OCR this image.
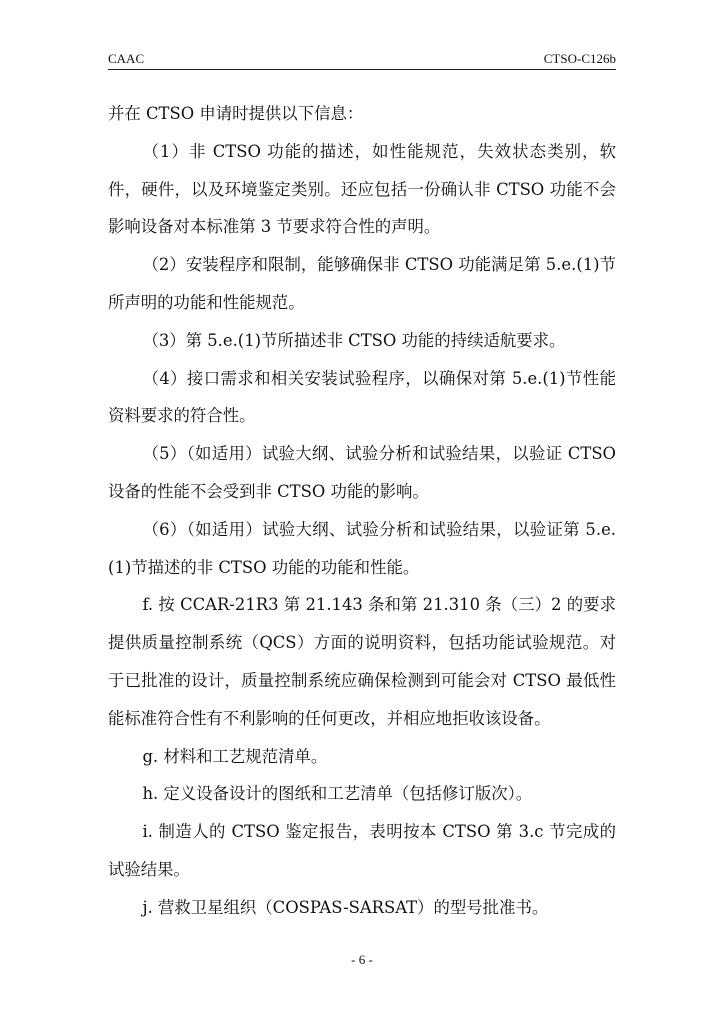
CAAC	CTSO-C126b

并在 CTSO 申请时提供以下信息：

（1）非 CTSO 功能的描述，如性能规范，失效状态类别，软件，硬件，以及环境鉴定类别。还应包括一份确认非 CTSO 功能不会影响设备对本标准第 3 节要求符合性的声明。

（2）安装程序和限制，能够确保非 CTSO 功能满足第 5.e.(1)节所声明的功能和性能规范。

（3）第 5.e.(1)节所描述非 CTSO 功能的持续适航要求。

（4）接口需求和相关安装试验程序，以确保对第 5.e.(1)节性能资料要求的符合性。

（5）（如适用）试验大纲、试验分析和试验结果，以验证 CTSO 设备的性能不会受到非 CTSO 功能的影响。

（6）（如适用）试验大纲、试验分析和试验结果，以验证第 5.e.(1)节描述的非 CTSO 功能的功能和性能。

f. 按 CCAR-21R3 第 21.143 条和第 21.310 条（三）2 的要求提供质量控制系统（QCS）方面的说明资料，包括功能试验规范。对于已批准的设计，质量控制系统应确保检测到可能会对 CTSO 最低性能标准符合性有不利影响的任何更改，并相应地拒收该设备。

g. 材料和工艺规范清单。

h. 定义设备设计的图纸和工艺清单（包括修订版次）。

i. 制造人的 CTSO 鉴定报告，表明按本 CTSO 第 3.c 节完成的试验结果。

j. 营救卫星组织（COSPAS-SARSAT）的型号批准书。

- 6 -
